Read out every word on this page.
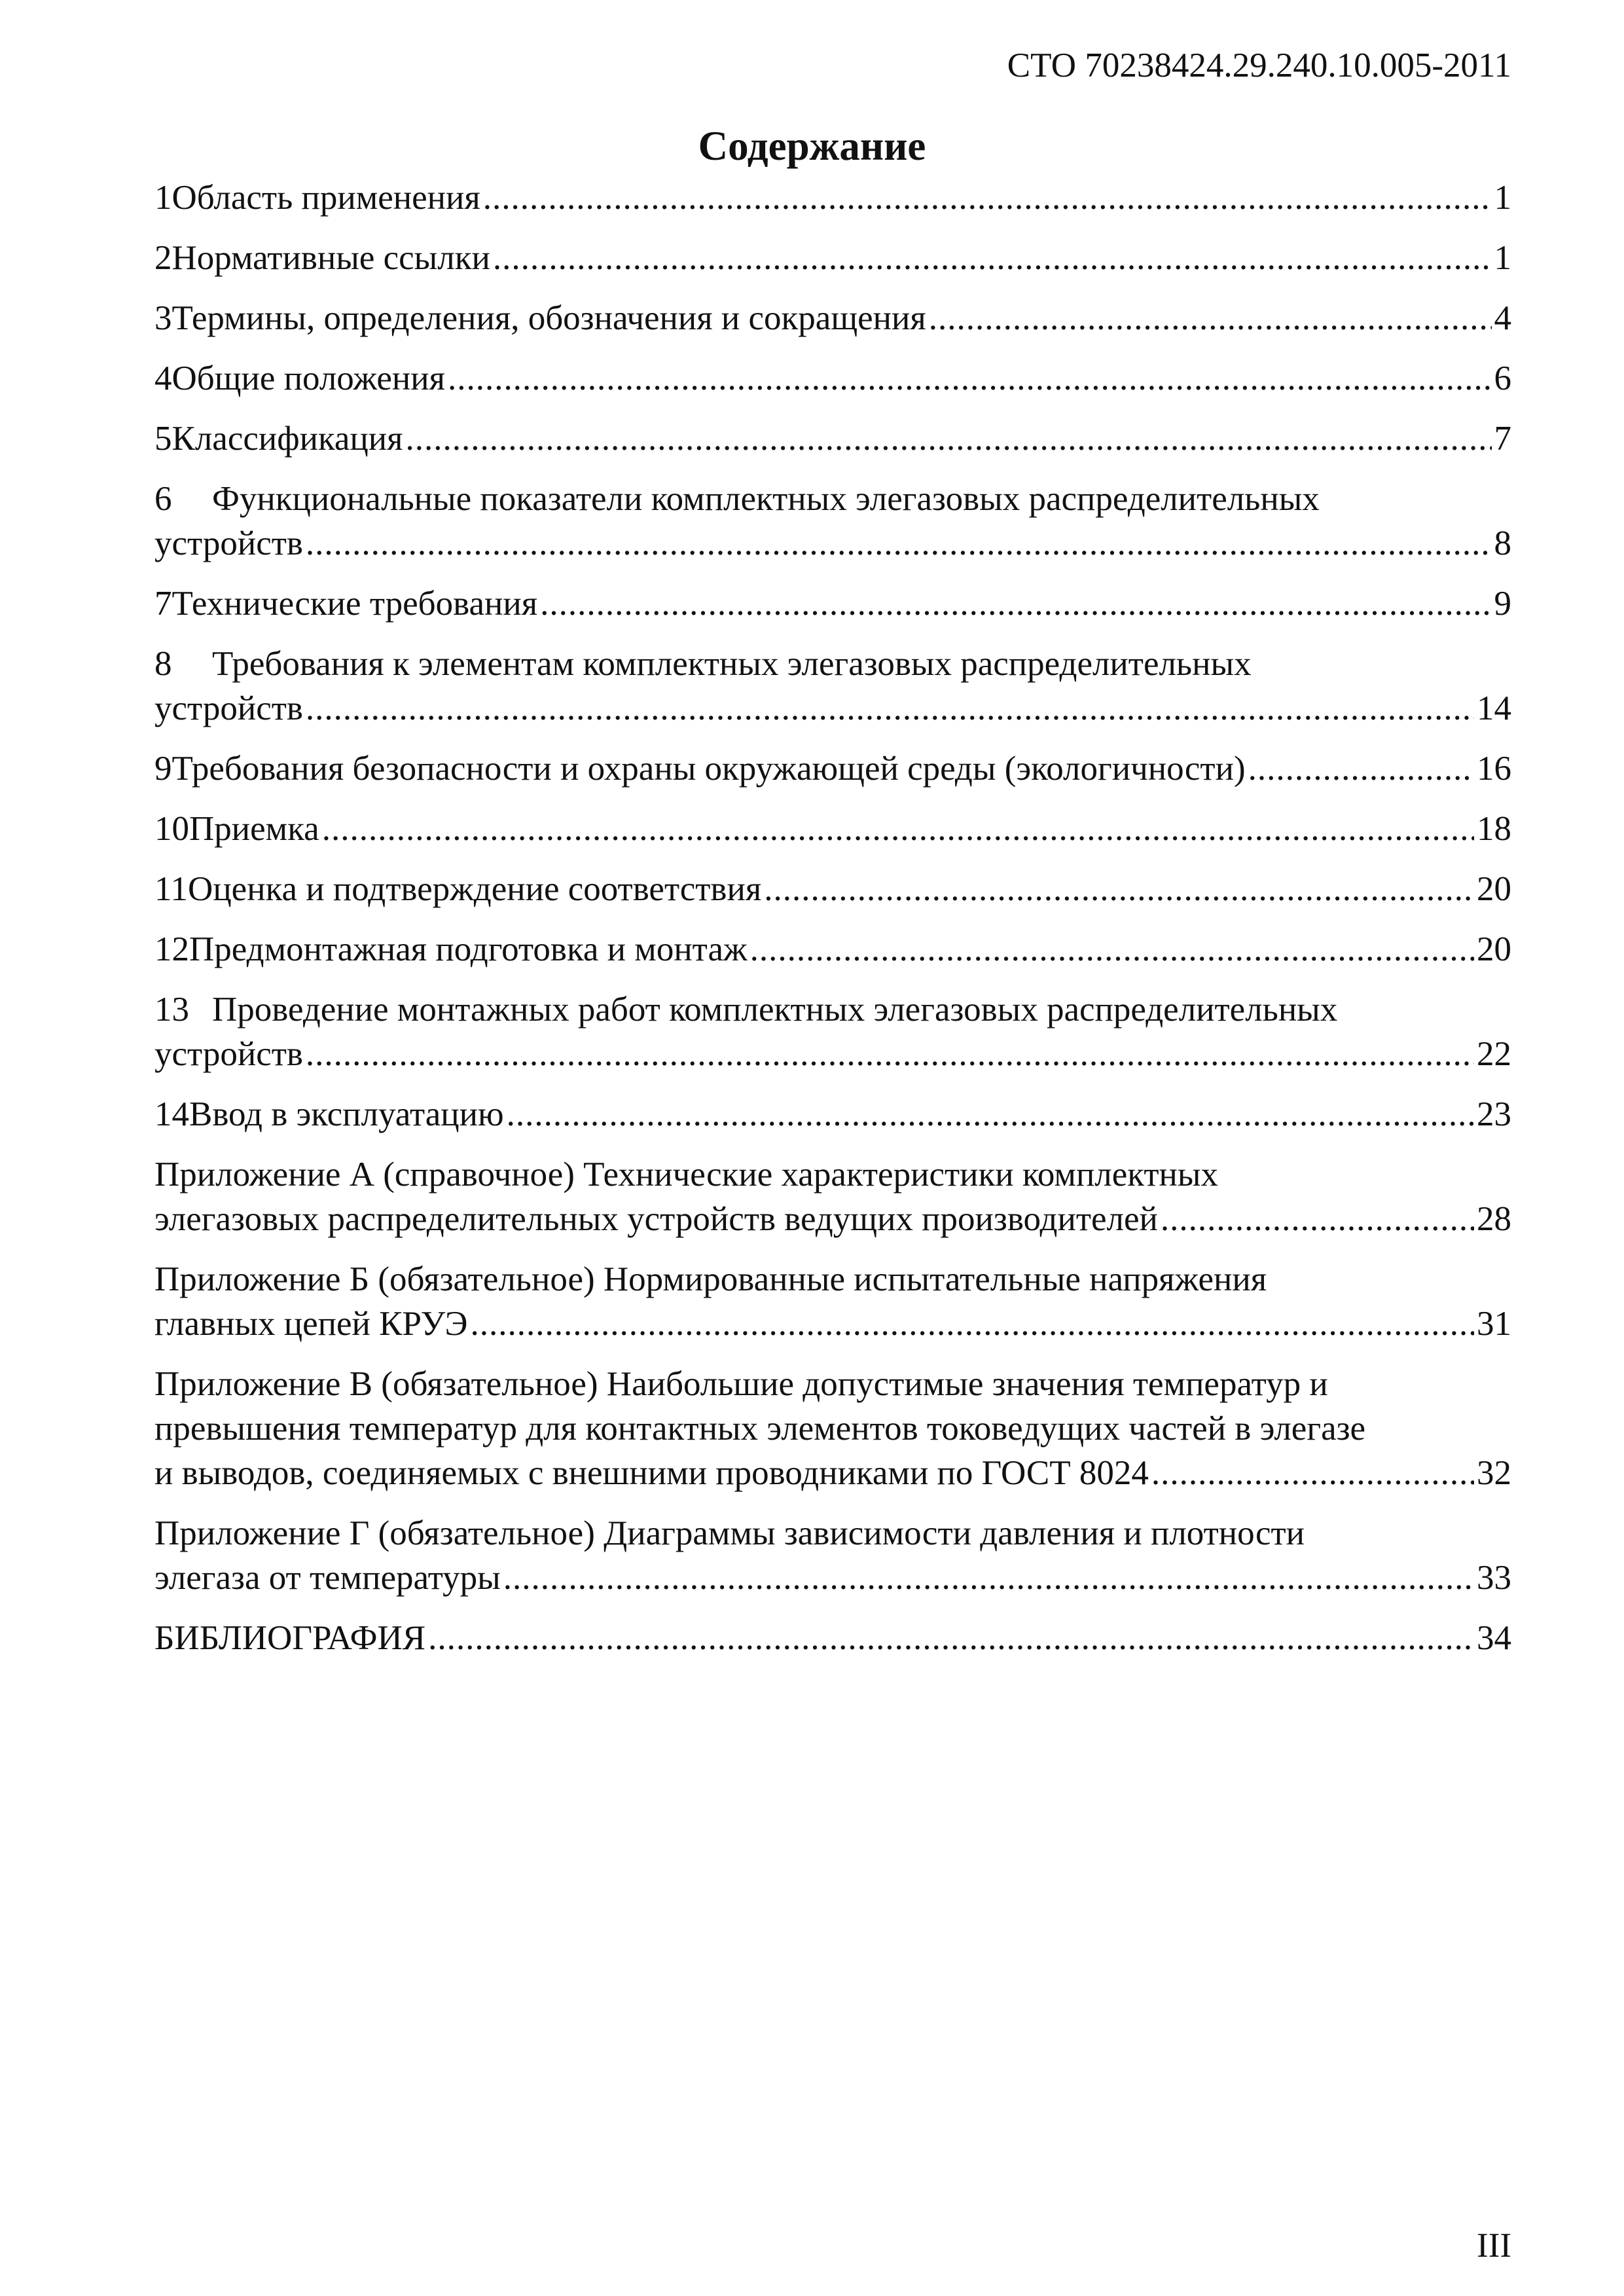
СТО 70238424.29.240.10.005-2011
Содержание
1 Область применения .....	1
2 Нормативные ссылки .....	1
3 Термины, определения, обозначения и сокращения .....	4
4 Общие положения .....	6
5 Классификация .....	7
6 Функциональные показатели комплектных элегазовых распределительных
устройств .....	8
7 Технические требования .....	9
8 Требования к элементам комплектных элегазовых распределительных
устройств .....	14
9 Требования безопасности и охраны окружающей среды (экологичности) .....	16
10 Приемка .....	18
11 Оценка и подтверждение соответствия .....	20
12 Предмонтажная подготовка и монтаж .....	20
13 Проведение монтажных работ комплектных элегазовых распределительных
устройств .....	22
14 Ввод в эксплуатацию .....	23
Приложение А (справочное) Технические характеристики комплектных
элегазовых распределительных устройств ведущих производителей .....	28
Приложение Б (обязательное) Нормированные испытательные напряжения
главных цепей КРУЭ .....	31
Приложение В (обязательное) Наибольшие допустимые значения температур и
превышения температур для контактных элементов токоведущих частей в элегазе
и выводов, соединяемых с внешними проводниками по ГОСТ 8024 .....	32
Приложение Г (обязательное) Диаграммы зависимости давления и плотности
элегаза от температуры .....	33
БИБЛИОГРАФИЯ .....	34
III
